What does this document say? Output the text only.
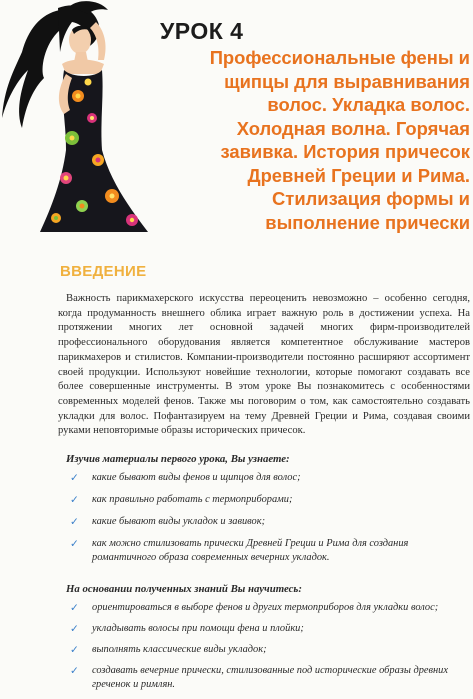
УРОК 4
Профессиональные фены и
щипцы для выравнивания
волос. Укладка волос.
Холодная волна. Горячая
завивка. История причесок
Древней Греции и Рима.
Стилизация формы и
выполнение прически
ВВЕДЕНИЕ

Важность парикмахерского искусства переоценить невозможно – особенно сегодня, когда продуманность внешнего облика играет важную роль в достижении успеха. На протяжении многих лет основной задачей многих фирм-производителей профессионального оборудования является компетентное обслуживание мастеров парикмахеров и стилистов. Компании-производители постоянно расширяют ассортимент своей продукции. Используют новейшие технологии, которые помогают создавать все более совершенные инструменты. В этом уроке Вы познакомитесь с особенностями современных моделей фенов. Также мы поговорим о том, как самостоятельно создавать укладки для волос. Пофантазируем на тему Древней Греции и Рима, создавая своими руками неповторимые образы исторических причесок.

Изучив материалы первого урока, Вы узнаете:

✓ какие бывают виды фенов и щипцов для волос;
✓ как правильно работать с термоприборами;
✓ какие бывают виды укладок и завивок;
✓ как можно стилизовать прически Древней Греции и Рима для создания романтичного образа современных вечерних укладок.

На основании полученных знаний Вы научитесь:

✓ ориентироваться в выборе фенов и других термоприборов для укладки волос;
✓ укладывать волосы при помощи фена и плойки;
✓ выполнять классические виды укладок;
✓ создавать вечерние прически, стилизованные под исторические образы древних греченок и римлян.
